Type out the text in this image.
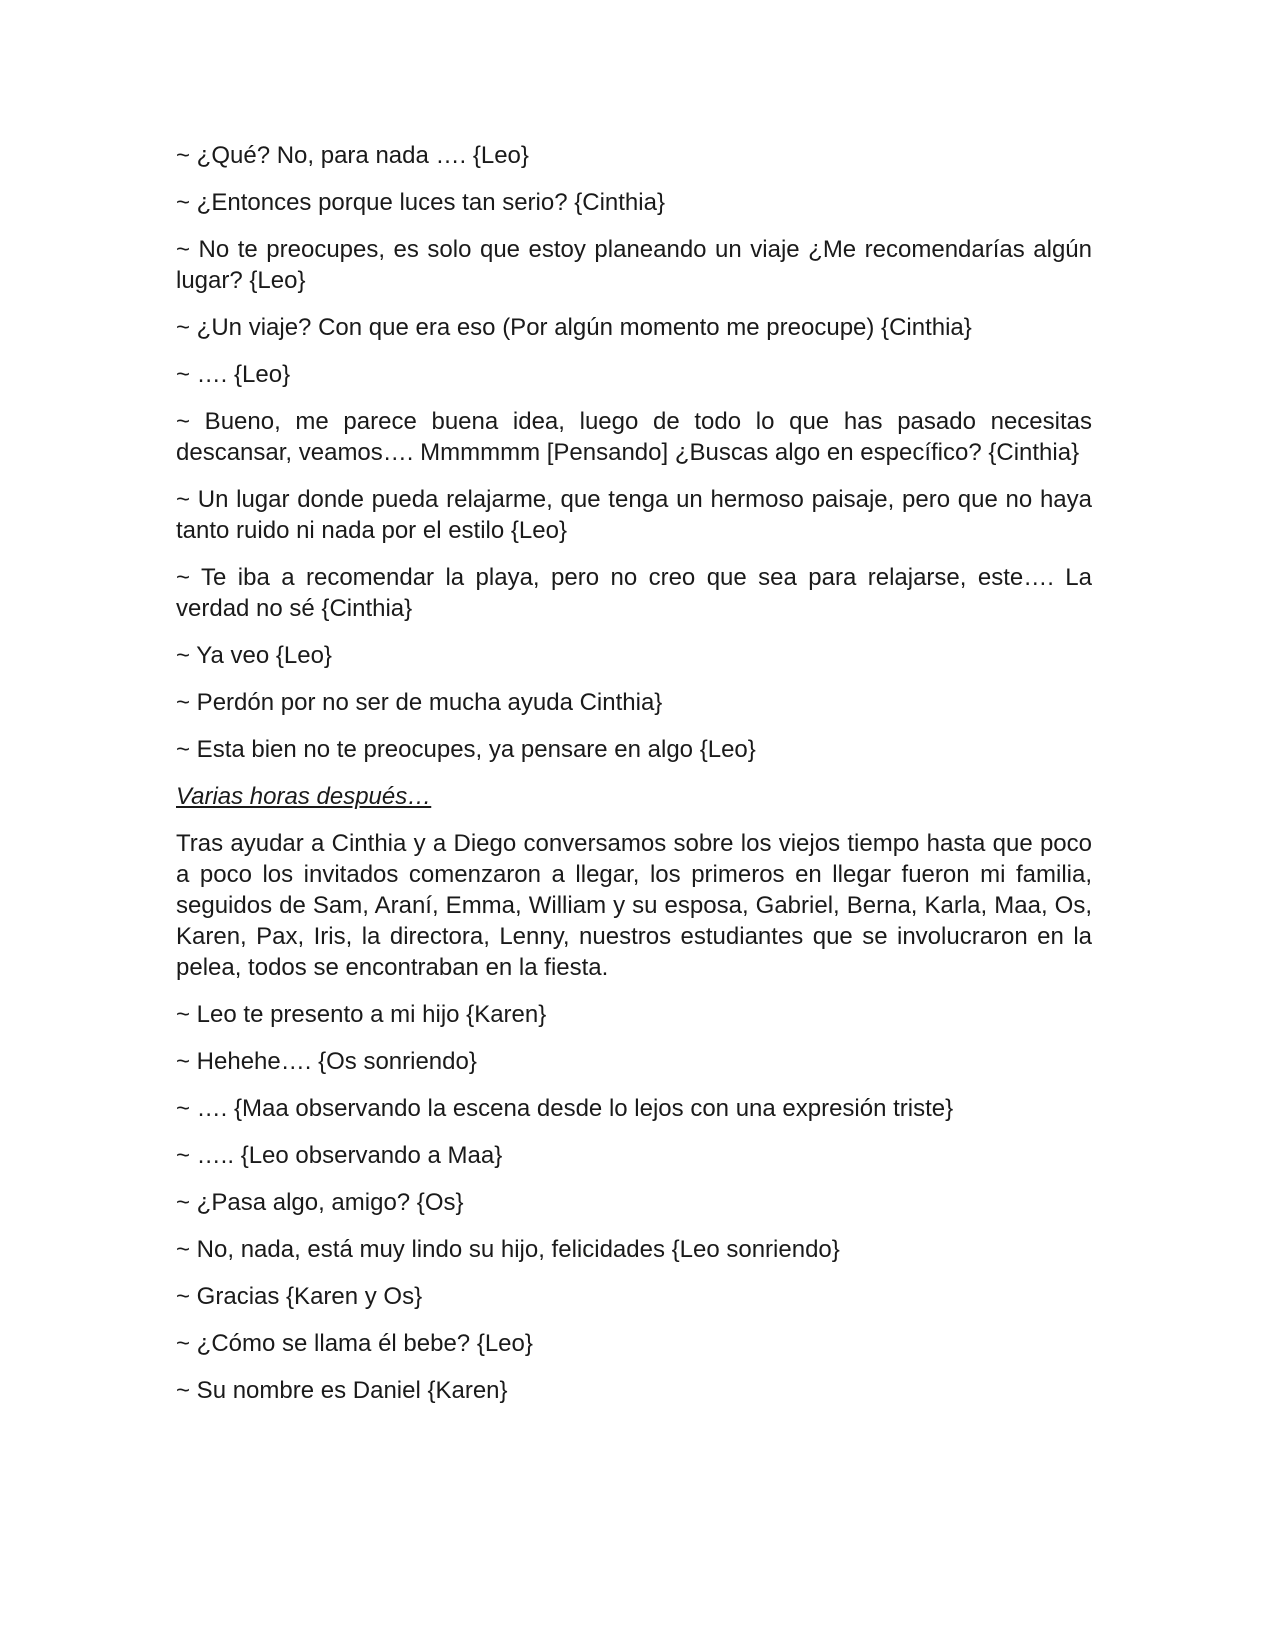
~ ¿Qué? No, para nada …. {Leo}

~ ¿Entonces porque luces tan serio? {Cinthia}

~ No te preocupes, es solo que estoy planeando un viaje ¿Me recomendarías algún lugar? {Leo}

~ ¿Un viaje? Con que era eso (Por algún momento me preocupe) {Cinthia}

~ …. {Leo}

~ Bueno, me parece buena idea, luego de todo lo que has pasado necesitas descansar, veamos…. Mmmmmm [Pensando] ¿Buscas algo en específico? {Cinthia}

~ Un lugar donde pueda relajarme, que tenga un hermoso paisaje, pero que no haya tanto ruido ni nada por el estilo {Leo}

~ Te iba a recomendar la playa, pero no creo que sea para relajarse, este…. La verdad no sé {Cinthia}

~ Ya veo {Leo}

~ Perdón por no ser de mucha ayuda Cinthia}

~ Esta bien no te preocupes, ya pensare en algo {Leo}

Varias horas después…

Tras ayudar a Cinthia y a Diego conversamos sobre los viejos tiempo hasta que poco a poco los invitados comenzaron a llegar, los primeros en llegar fueron mi familia, seguidos de Sam, Araní, Emma, William y su esposa, Gabriel, Berna, Karla, Maa, Os, Karen, Pax, Iris, la directora, Lenny, nuestros estudiantes que se involucraron en la pelea, todos se encontraban en la fiesta.

~ Leo te presento a mi hijo {Karen}

~ Hehehe…. {Os sonriendo}

~ …. {Maa observando la escena desde lo lejos con una expresión triste}

~ ….. {Leo observando a Maa}

~ ¿Pasa algo, amigo? {Os}

~ No, nada, está muy lindo su hijo, felicidades {Leo sonriendo}

~ Gracias {Karen y Os}

~ ¿Cómo se llama él bebe? {Leo}

~ Su nombre es Daniel {Karen}
